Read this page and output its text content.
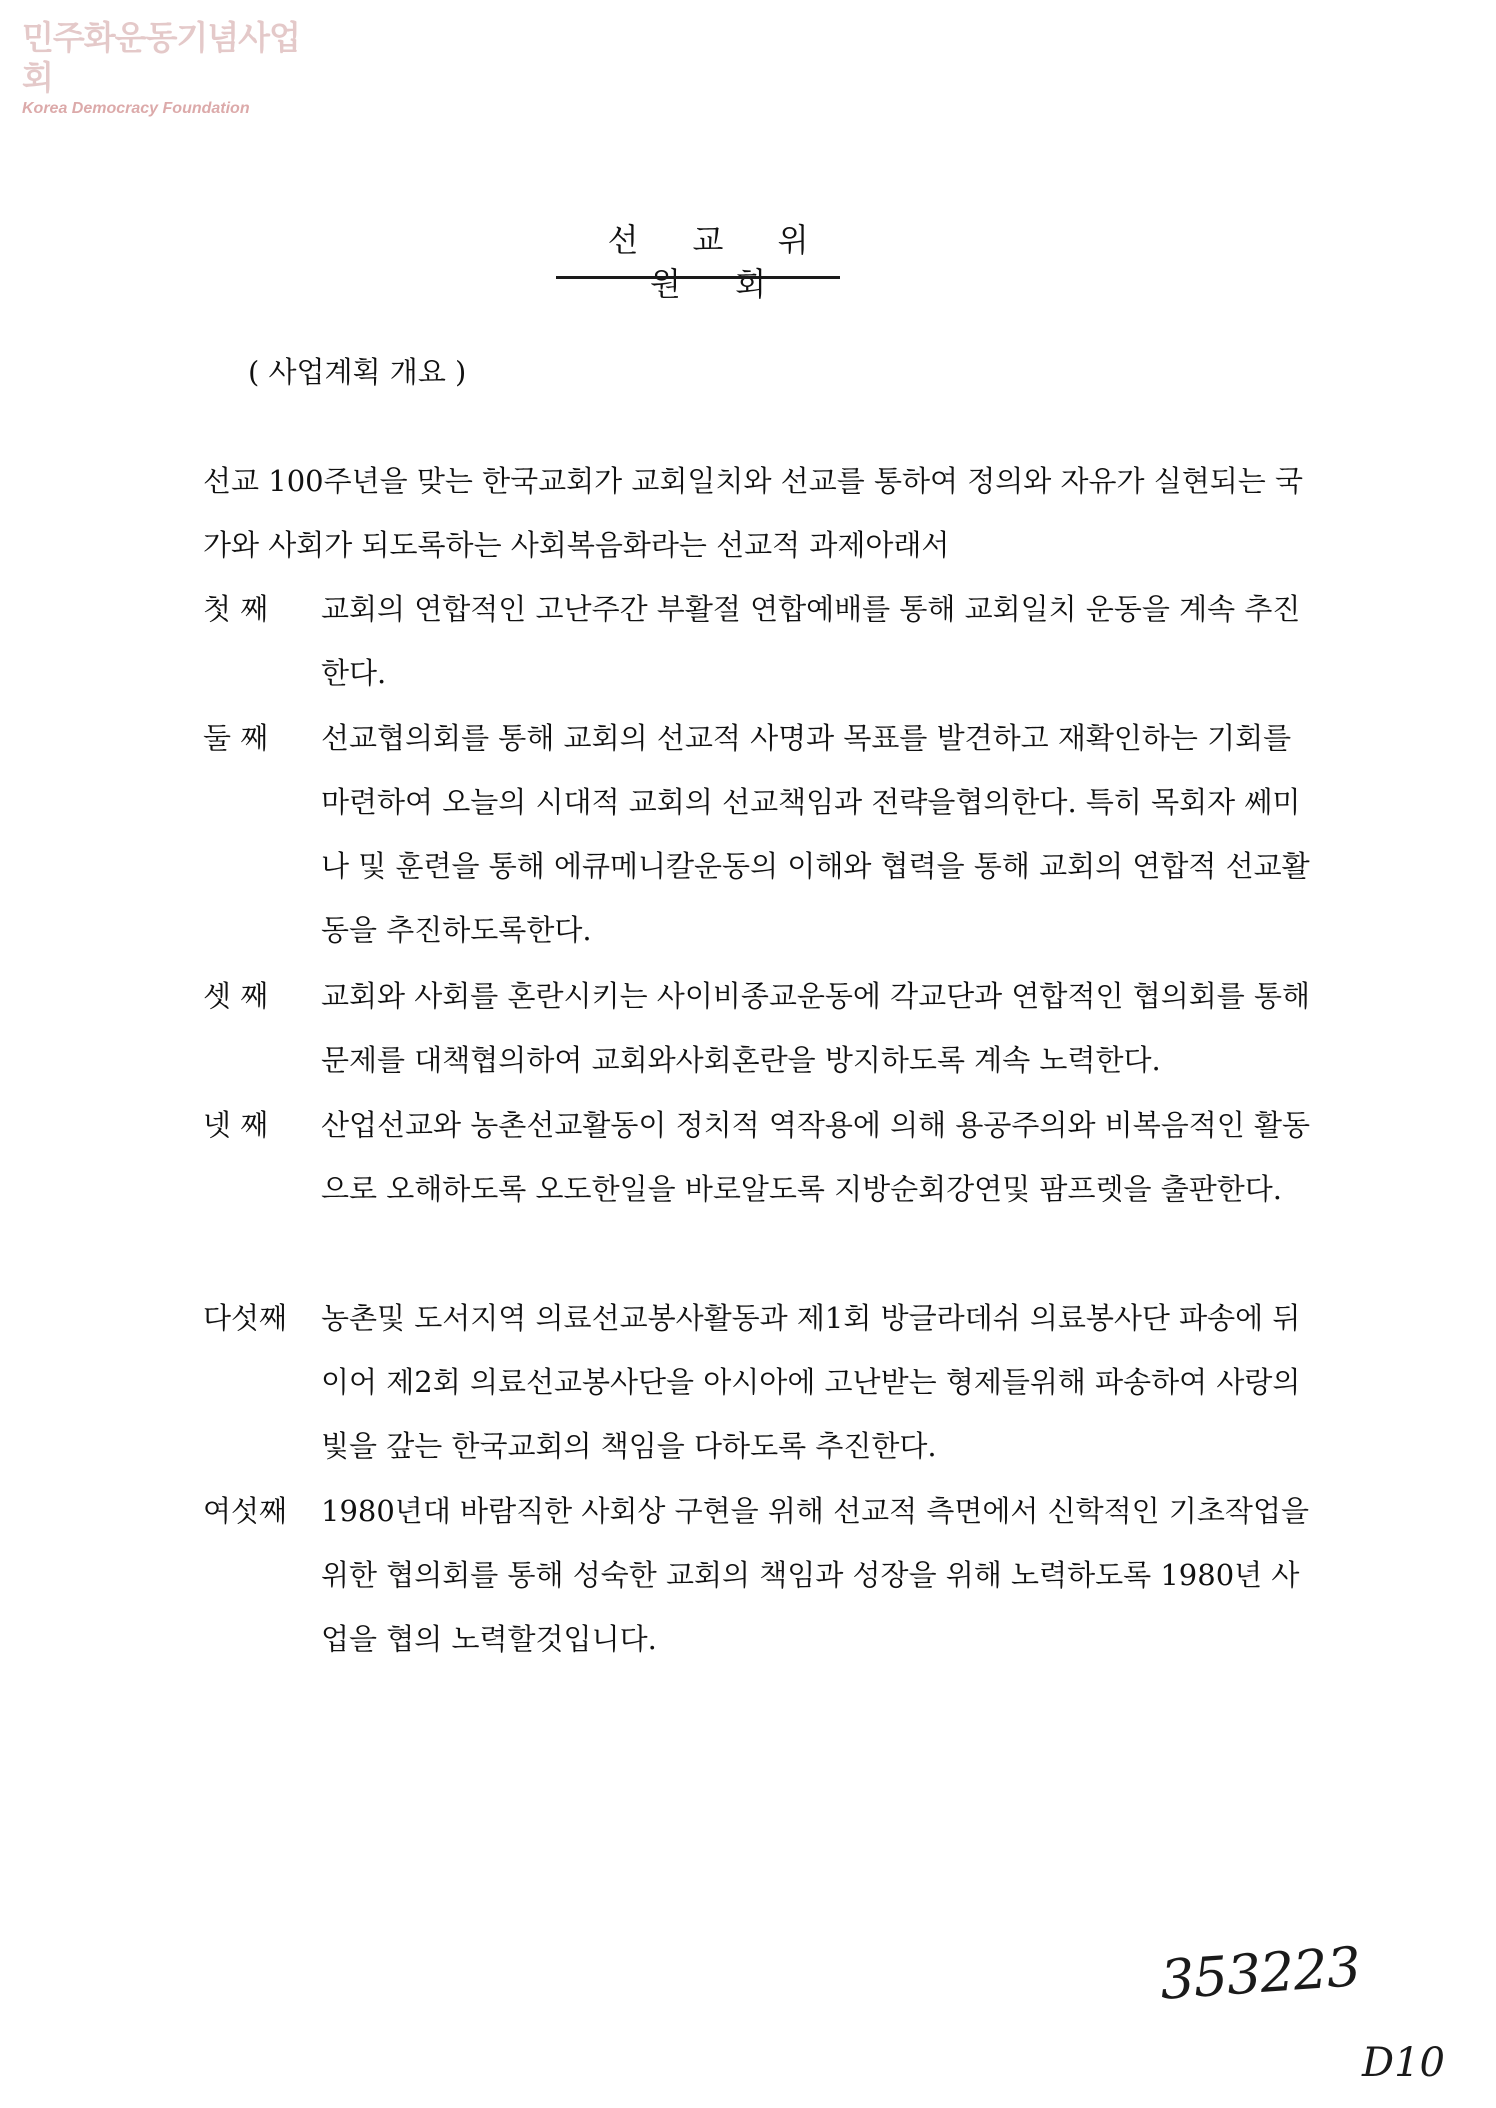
민주화운동기념사업회
Korea Democracy Foundation
선 교 위 원 회
( 사업계획 개요 )

선교 100주년을 맞는 한국교회가 교회일치와 선교를 통하여 정의와 자유가 실현되는 국가와 사회가 되도록하는 사회복음화라는 선교적 과제아래서

첫 째	교회의 연합적인 고난주간 부활절 연합예배를 통해 교회일치 운동을 계속 추진한다.
둘 째	선교협의회를 통해 교회의 선교적 사명과 목표를 발견하고 재확인하는 기회를 마련하여 오늘의 시대적 교회의 선교책임과 전략을협의한다. 특히 목회자 쎄미나 및 훈련을 통해 에큐메니칼운동의 이해와 협력을 통해 교회의 연합적 선교활동을 추진하도록한다.
셋 째	교회와 사회를 혼란시키는 사이비종교운동에 각교단과 연합적인 협의회를 통해 문제를 대책협의하여 교회와사회혼란을 방지하도록 계속 노력한다.
넷 째	산업선교와 농촌선교활동이 정치적 역작용에 의해 용공주의와 비복음적인 활동으로 오해하도록 오도한일을 바로알도록 지방순회강연및 팜프렛을 출판한다.
다섯째	농촌및 도서지역 의료선교봉사활동과 제1회 방글라데쉬 의료봉사단 파송에 뒤이어 제2회 의료선교봉사단을 아시아에 고난받는 형제들위해 파송하여 사랑의 빛을 갚는 한국교회의 책임을 다하도록 추진한다.
여섯째	1980년대 바람직한 사회상 구현을 위해 선교적 측면에서 신학적인 기초작업을 위한 협의회를 통해 성숙한 교회의 책임과 성장을 위해 노력하도록 1980년 사업을 협의 노력할것입니다.
353223
D10
